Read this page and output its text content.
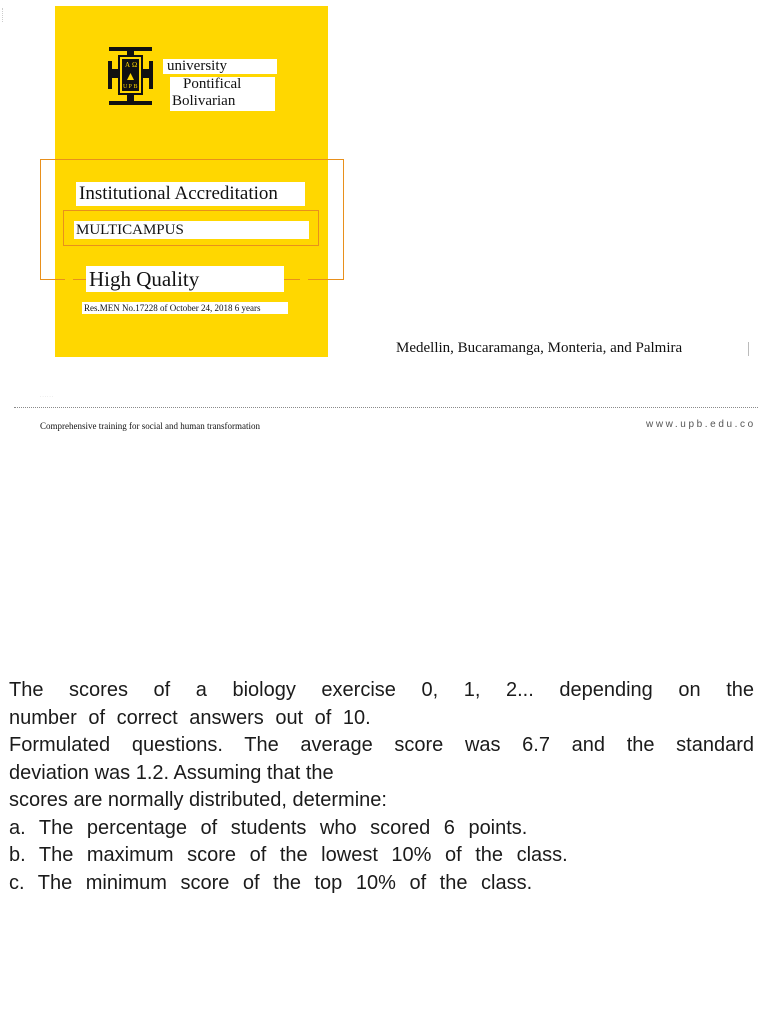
A Ω
U P B
university
Pontifical
Bolivarian
Institutional Accreditation
MULTICAMPUS
High Quality
Res.MEN No.17228 of October 24, 2018 6 years
Medellin, Bucaramanga, Monteria, and Palmira
· · · · · ·
Comprehensive training for social and human transformation	www.upb.edu.co

The scores of a biology exercise 0, 1, 2... depending on the

number of correct answers out of 10.

Formulated questions. The average score was 6.7 and the standard

deviation was 1.2. Assuming that the

scores are normally distributed, determine:

a. The percentage of students who scored 6 points.

b. The maximum score of the lowest 10% of the class.

c. The minimum score of the top 10% of the class.
